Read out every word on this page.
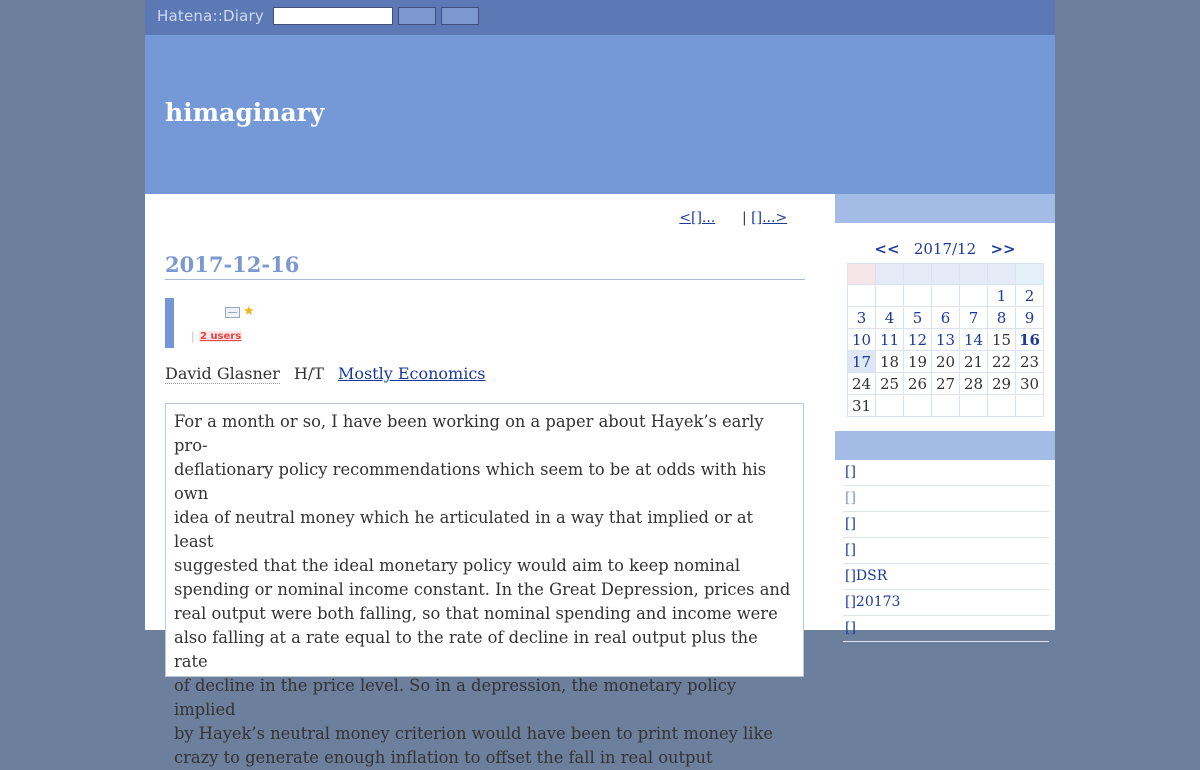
Hatena::Diary
himaginary
<[]... | []...>
2017-12-16
★
| 2 users
David Glasner H/T Mostly Economics

For a month or so, I have been working on a paper about Hayek’s early pro-

deflationary policy recommendations which seem to be at odds with his own

idea of neutral money which he articulated in a way that implied or at least

suggested that the ideal monetary policy would aim to keep nominal

spending or nominal income constant. In the Great Depression, prices and

real output were both falling, so that nominal spending and income were

also falling at a rate equal to the rate of decline in real output plus the rate

of decline in the price level. So in a depression, the monetary policy implied

by Hayek’s neutral money criterion would have been to print money like

crazy to generate enough inflation to offset the fall in real output

<< 2017/12 >>

					1	2
3	4	5	6	7	8	9
10	11	12	13	14	15	16
17	18	19	20	21	22	23
24	25	26	27	28	29	30
31						
[]
[]
[]
[]
[]DSR
[]20173
[]
